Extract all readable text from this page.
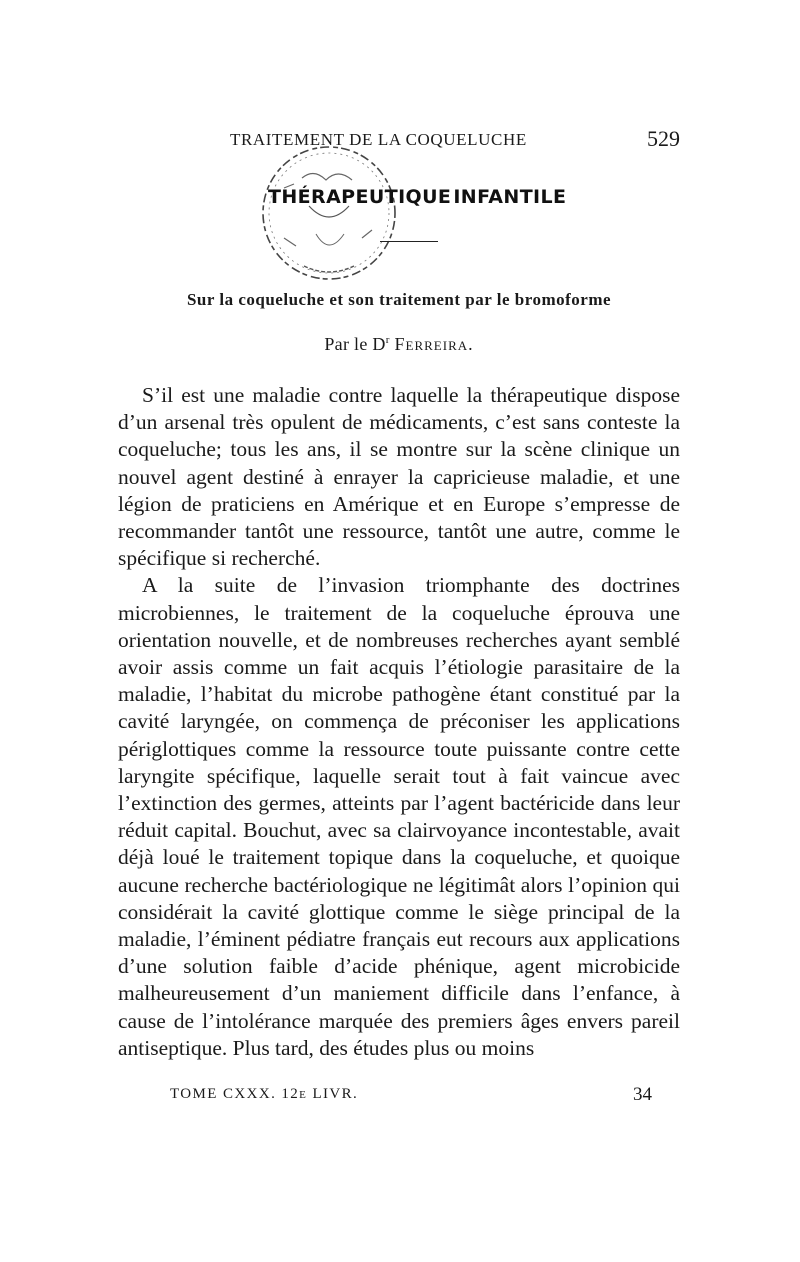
TRAITEMENT DE LA COQUELUCHE	529
THÉRAPEUTIQUE INFANTILE
Sur la coqueluche et son traitement par le bromoforme
Par le $D^r$ Ferreira.

S’il est une maladie contre laquelle la thérapeutique dispose d’un arsenal très opulent de médicaments, c’est sans conteste la coqueluche; tous les ans, il se montre sur la scène clinique un nouvel agent destiné à enrayer la capricieuse maladie, et une légion de praticiens en Amérique et en Europe s’empresse de recommander tantôt une ressource, tantôt une autre, comme le spécifique si recherché.

A la suite de l’invasion triomphante des doctrines microbiennes, le traitement de la coqueluche éprouva une orientation nouvelle, et de nombreuses recherches ayant semblé avoir assis comme un fait acquis l’étiologie parasitaire de la maladie, l’habitat du microbe pathogène étant constitué par la cavité laryngée, on commença de préconiser les applications périglottiques comme la ressource toute puissante contre cette laryngite spécifique, laquelle serait tout à fait vaincue avec l’extinction des germes, atteints par l’agent bactéricide dans leur réduit capital. Bouchut, avec sa clairvoyance incontestable, avait déjà loué le traitement topique dans la coqueluche, et quoique aucune recherche bactériologique ne légitimât alors l’opinion qui considérait la cavité glottique comme le siège principal de la maladie, l’éminent pédiatre français eut recours aux applications d’une solution faible d’acide phénique, agent microbicide malheureusement d’un maniement difficile dans l’enfance, à cause de l’intolérance marquée des premiers âges envers pareil antiseptique. Plus tard, des études plus ou moins

TOME CXXX. 12e LIVR.	34
